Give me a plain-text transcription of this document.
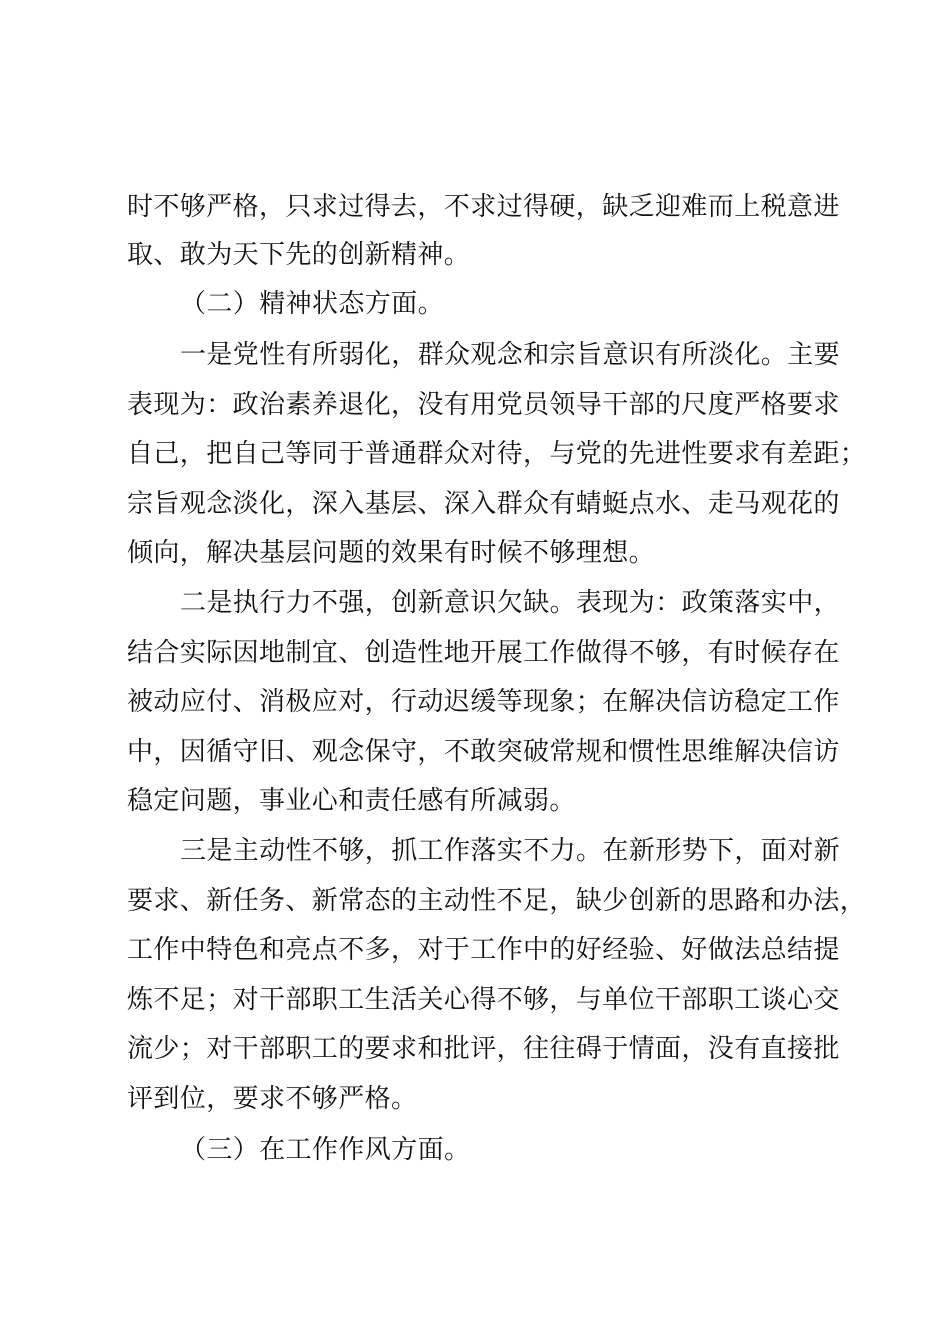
时不够严格，只求过得去，不求过得硬，缺乏迎难而上税意进
取、敢为天下先的创新精神。
（二）精神状态方面。
一是党性有所弱化，群众观念和宗旨意识有所淡化。主要
表现为：政治素养退化，没有用党员领导干部的尺度严格要求
自己，把自己等同于普通群众对待，与党的先进性要求有差距；
宗旨观念淡化，深入基层、深入群众有蜻蜓点水、走马观花的
倾向，解决基层问题的效果有时候不够理想。
二是执行力不强，创新意识欠缺。表现为：政策落实中，
结合实际因地制宜、创造性地开展工作做得不够，有时候存在
被动应付、消极应对，行动迟缓等现象；在解决信访稳定工作
中，因循守旧、观念保守，不敢突破常规和惯性思维解决信访
稳定问题，事业心和责任感有所减弱。
三是主动性不够，抓工作落实不力。在新形势下，面对新
要求、新任务、新常态的主动性不足，缺少创新的思路和办法，
工作中特色和亮点不多，对于工作中的好经验、好做法总结提
炼不足；对干部职工生活关心得不够，与单位干部职工谈心交
流少；对干部职工的要求和批评，往往碍于情面，没有直接批
评到位，要求不够严格。
（三）在工作作风方面。
